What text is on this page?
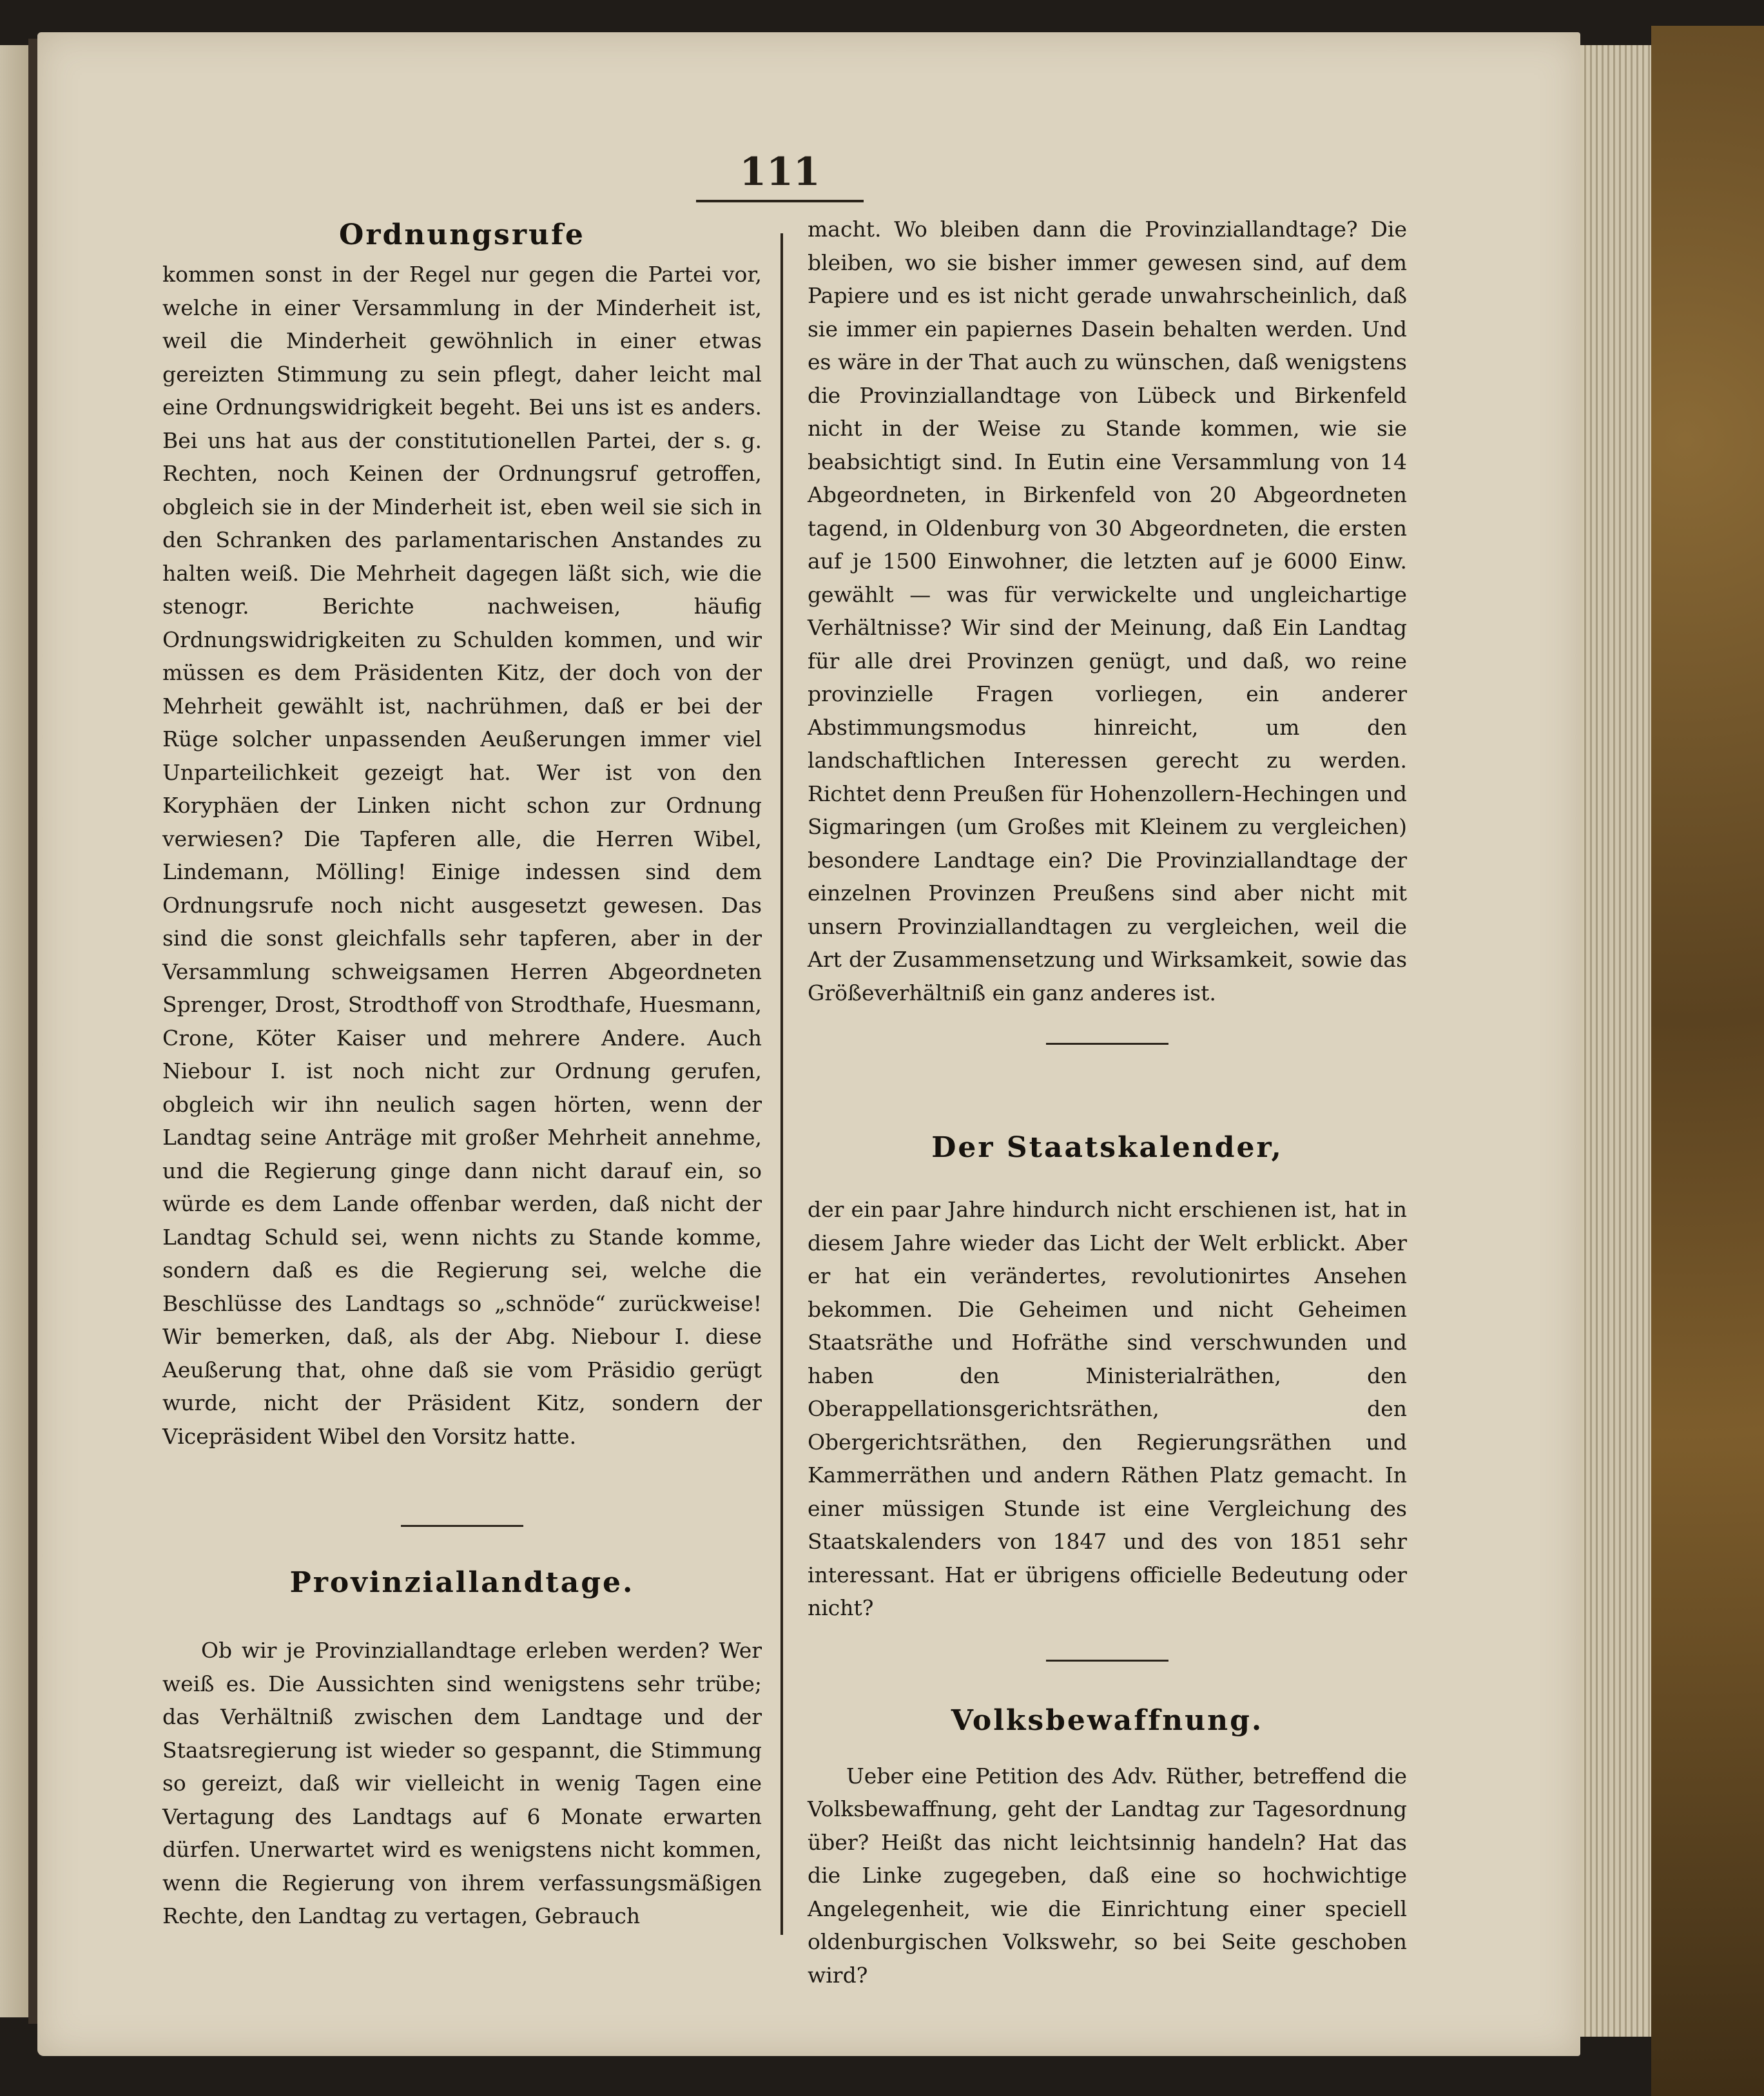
111
Ordnungsrufe

kommen sonst in der Regel nur gegen die Partei vor, welche in einer Versammlung in der Minderheit ist, weil die Minderheit gewöhnlich in einer etwas gereizten Stimmung zu sein pflegt, daher leicht mal eine Ordnungswidrigkeit begeht. Bei uns ist es anders. Bei uns hat aus der constitutionellen Partei, der s. g. Rechten, noch Keinen der Ordnungsruf getroffen, obgleich sie in der Minderheit ist, eben weil sie sich in den Schranken des parlamentarischen Anstandes zu halten weiß. Die Mehrheit dagegen läßt sich, wie die stenogr. Berichte nachweisen, häufig Ordnungswidrigkeiten zu Schulden kommen, und wir müssen es dem Präsidenten Kitz, der doch von der Mehrheit gewählt ist, nachrühmen, daß er bei der Rüge solcher unpassenden Aeußerungen immer viel Unparteilichkeit gezeigt hat. Wer ist von den Koryphäen der Linken nicht schon zur Ordnung verwiesen? Die Tapferen alle, die Herren Wibel, Lindemann, Mölling! Einige indessen sind dem Ordnungsrufe noch nicht ausgesetzt gewesen. Das sind die sonst gleichfalls sehr tapferen, aber in der Versammlung schweigsamen Herren Abgeordneten Sprenger, Drost, Strodthoff von Strodthafe, Huesmann, Crone, Köter Kaiser und mehrere Andere. Auch Niebour I. ist noch nicht zur Ordnung gerufen, obgleich wir ihn neulich sagen hörten, wenn der Landtag seine Anträge mit großer Mehrheit annehme, und die Regierung ginge dann nicht darauf ein, so würde es dem Lande offenbar werden, daß nicht der Landtag Schuld sei, wenn nichts zu Stande komme, sondern daß es die Regierung sei, welche die Beschlüsse des Landtags so „schnöde“ zurückweise! Wir bemerken, daß, als der Abg. Niebour I. diese Aeußerung that, ohne daß sie vom Präsidio gerügt wurde, nicht der Präsident Kitz, sondern der Vicepräsident Wibel den Vorsitz hatte.

Provinziallandtage.

Ob wir je Provinziallandtage erleben werden? Wer weiß es. Die Aussichten sind wenigstens sehr trübe; das Verhältniß zwischen dem Landtage und der Staatsregierung ist wieder so gespannt, die Stimmung so gereizt, daß wir vielleicht in wenig Tagen eine Vertagung des Landtags auf 6 Monate erwarten dürfen. Unerwartet wird es wenigstens nicht kommen, wenn die Regierung von ihrem verfassungsmäßigen Rechte, den Landtag zu vertagen, Gebrauch

macht. Wo bleiben dann die Provinziallandtage? Die bleiben, wo sie bisher immer gewesen sind, auf dem Papiere und es ist nicht gerade unwahrscheinlich, daß sie immer ein papiernes Dasein behalten werden. Und es wäre in der That auch zu wünschen, daß wenigstens die Provinziallandtage von Lübeck und Birkenfeld nicht in der Weise zu Stande kommen, wie sie beabsichtigt sind. In Eutin eine Versammlung von 14 Abgeordneten, in Birkenfeld von 20 Abgeordneten tagend, in Oldenburg von 30 Abgeordneten, die ersten auf je 1500 Einwohner, die letzten auf je 6000 Einw. gewählt — was für verwickelte und ungleichartige Verhältnisse? Wir sind der Meinung, daß Ein Landtag für alle drei Provinzen genügt, und daß, wo reine provinzielle Fragen vorliegen, ein anderer Abstimmungsmodus hinreicht, um den landschaftlichen Interessen gerecht zu werden. Richtet denn Preußen für Hohenzollern-Hechingen und Sigmaringen (um Großes mit Kleinem zu vergleichen) besondere Landtage ein? Die Provinziallandtage der einzelnen Provinzen Preußens sind aber nicht mit unsern Provinziallandtagen zu vergleichen, weil die Art der Zusammensetzung und Wirksamkeit, sowie das Größeverhältniß ein ganz anderes ist.

Der Staatskalender,

der ein paar Jahre hindurch nicht erschienen ist, hat in diesem Jahre wieder das Licht der Welt erblickt. Aber er hat ein verändertes, revolutionirtes Ansehen bekommen. Die Geheimen und nicht Geheimen Staatsräthe und Hofräthe sind verschwunden und haben den Ministerialräthen, den Oberappellationsgerichtsräthen, den Obergerichtsräthen, den Regierungsräthen und Kammerräthen und andern Räthen Platz gemacht. In einer müssigen Stunde ist eine Vergleichung des Staatskalenders von 1847 und des von 1851 sehr interessant. Hat er übrigens officielle Bedeutung oder nicht?

Volksbewaffnung.

Ueber eine Petition des Adv. Rüther, betreffend die Volksbewaffnung, geht der Landtag zur Tagesordnung über? Heißt das nicht leichtsinnig handeln? Hat das die Linke zugegeben, daß eine so hochwichtige Angelegenheit, wie die Einrichtung einer speciell oldenburgischen Volkswehr, so bei Seite geschoben wird?
